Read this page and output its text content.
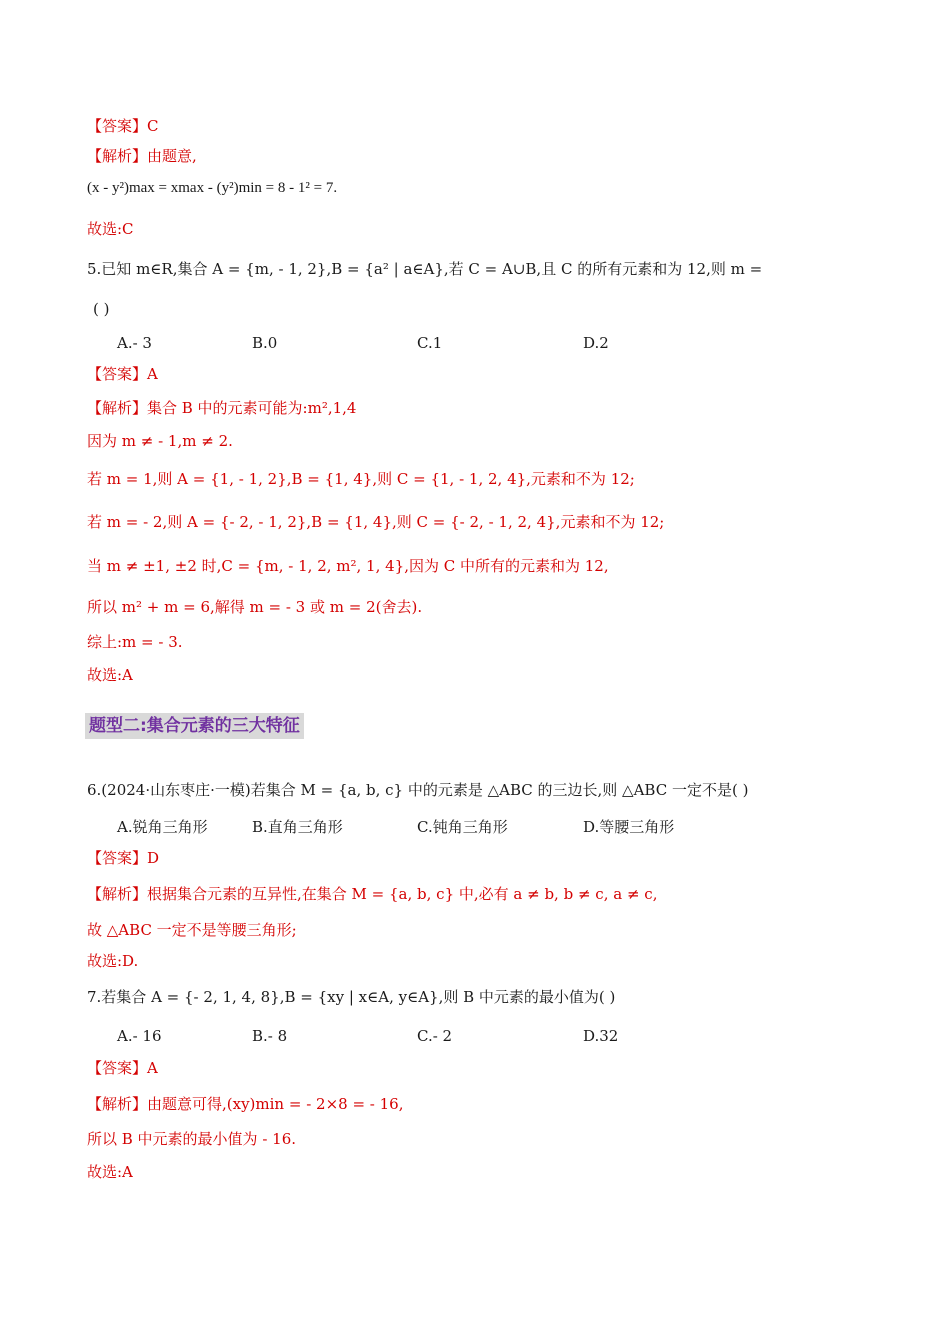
【答案】C
【解析】由题意,
(x - y²)max = xmax - (y²)min = 8 - 1² = 7.
故选:C
5.已知 m∈R,集合 A = {m, - 1, 2},B = {a² | a∈A},若 C = A∪B,且 C 的所有元素和为 12,则 m =
( )
A.- 3	B.0	C.1	D.2
【答案】A
【解析】集合 B 中的元素可能为:m²,1,4
因为 m ≠ - 1,m ≠ 2.
若 m = 1,则 A = {1, - 1, 2},B = {1, 4},则 C = {1, - 1, 2, 4},元素和不为 12;
若 m = - 2,则 A = {- 2, - 1, 2},B = {1, 4},则 C = {- 2, - 1, 2, 4},元素和不为 12;
当 m ≠ ±1, ±2 时,C = {m, - 1, 2, m², 1, 4},因为 C 中所有的元素和为 12,
所以 m² + m = 6,解得 m = - 3 或 m = 2(舍去).
综上:m = - 3.
故选:A
题型二:集合元素的三大特征
6.(2024·山东枣庄·一模)若集合 M = {a, b, c} 中的元素是 △ABC 的三边长,则 △ABC 一定不是( )
A.锐角三角形	B.直角三角形	C.钝角三角形	D.等腰三角形
【答案】D
【解析】根据集合元素的互异性,在集合 M = {a, b, c} 中,必有 a ≠ b, b ≠ c, a ≠ c,
故 △ABC 一定不是等腰三角形;
故选:D.
7.若集合 A = {- 2, 1, 4, 8},B = {xy | x∈A, y∈A},则 B 中元素的最小值为( )
A.- 16	B.- 8	C.- 2	D.32
【答案】A
【解析】由题意可得,(xy)min = - 2×8 = - 16,
所以 B 中元素的最小值为 - 16.
故选:A
